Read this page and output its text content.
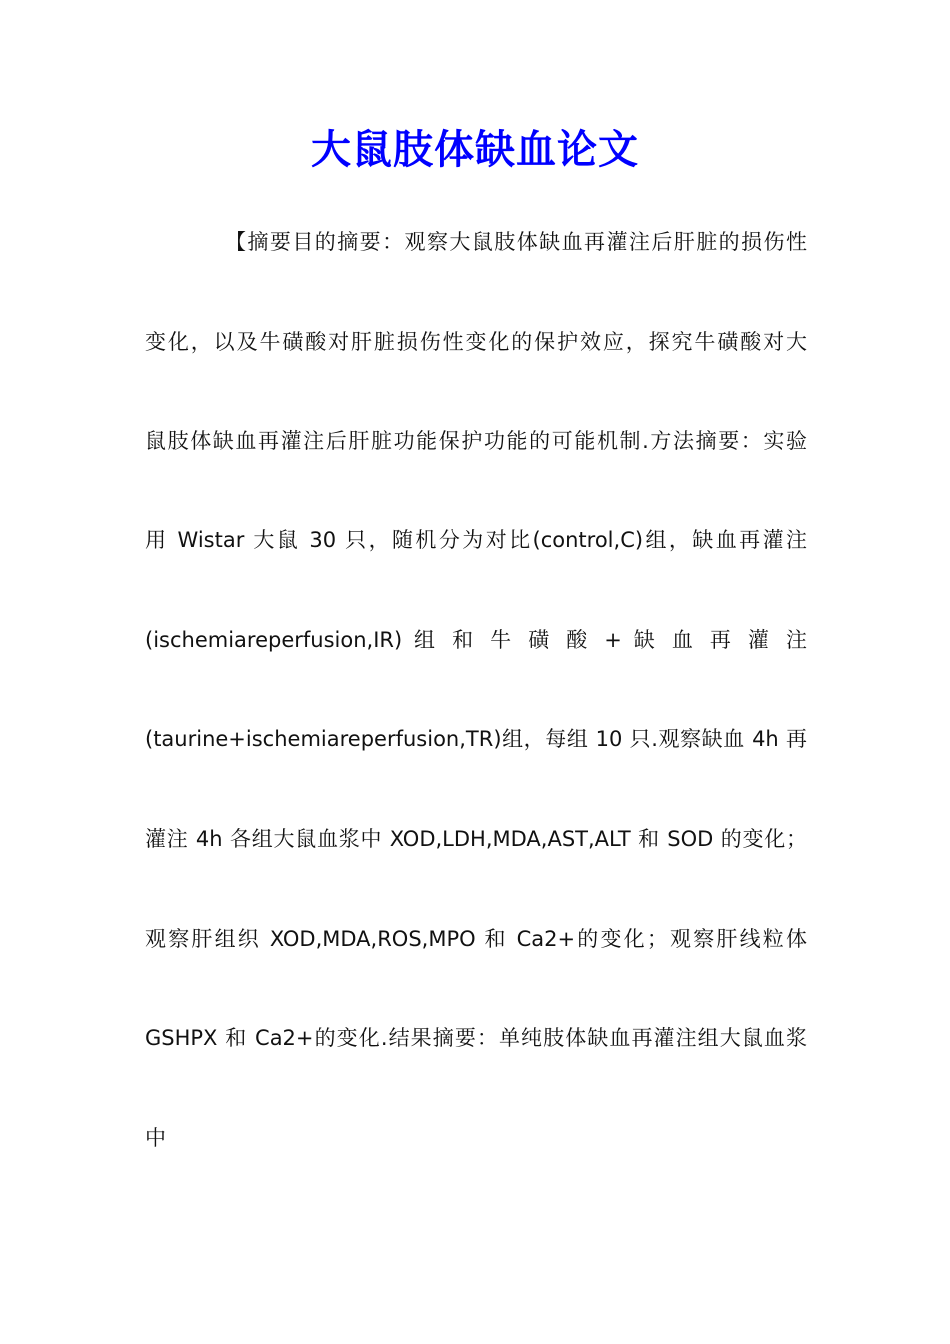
大鼠肢体缺血论文
【摘要目的摘要：观察大鼠肢体缺血再灌注后肝脏的损伤性
变化，以及牛磺酸对肝脏损伤性变化的保护效应，探究牛磺酸对大
鼠肢体缺血再灌注后肝脏功能保护功能的可能机制.方法摘要：实验
用 Wistar 大鼠 30 只，随机分为对比(control,C)组，缺血再灌注
(ischemiareperfusion,IR) 组 和 牛 磺 酸 + 缺 血 再 灌 注
(taurine+ischemiareperfusion,TR)组，每组 10 只.观察缺血 4h 再
灌注 4h 各组大鼠血浆中 XOD,LDH,MDA,AST,ALT 和 SOD 的变化；
观察肝组织 XOD,MDA,ROS,MPO 和 Ca2+的变化；观察肝线粒体
GSHPX 和 Ca2+的变化.结果摘要：单纯肢体缺血再灌注组大鼠血浆
中
